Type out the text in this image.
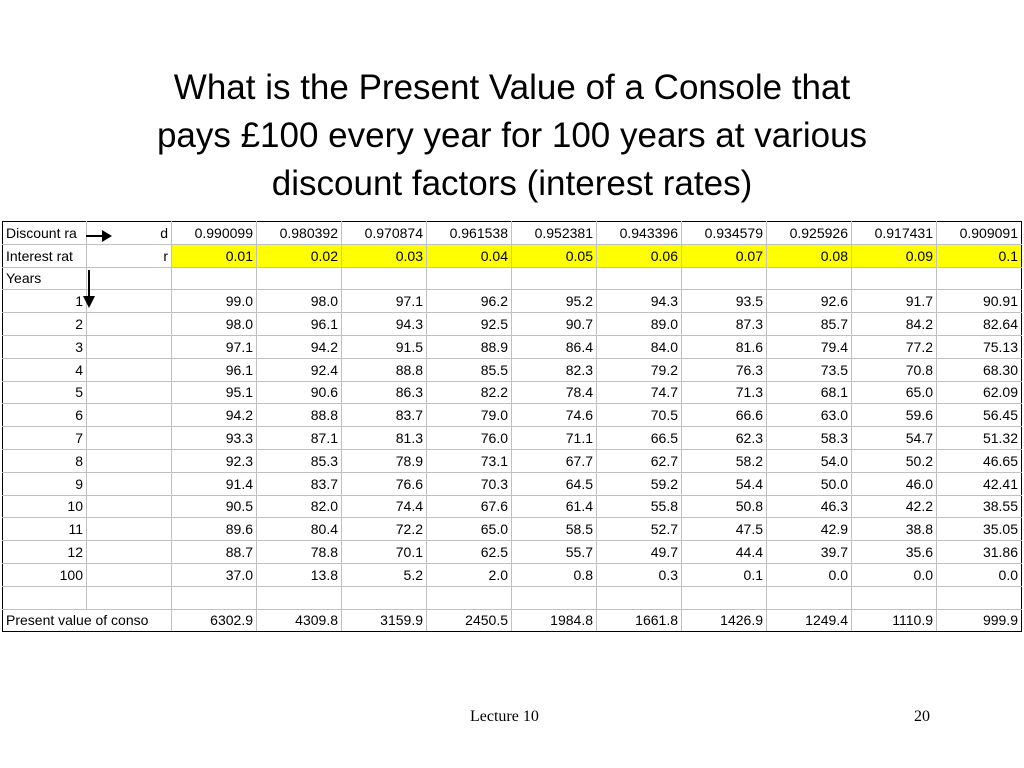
What is the Present Value of a Console that
pays £100 every year for 100 years at various
discount factors (interest rates)
Discount ra	d	0.990099	0.980392	0.970874	0.961538	0.952381	0.943396	0.934579	0.925926	0.917431	0.909091
Interest rat	r	0.01	0.02	0.03	0.04	0.05	0.06	0.07	0.08	0.09	0.1
Years											
1		99.0	98.0	97.1	96.2	95.2	94.3	93.5	92.6	91.7	90.91
2		98.0	96.1	94.3	92.5	90.7	89.0	87.3	85.7	84.2	82.64
3		97.1	94.2	91.5	88.9	86.4	84.0	81.6	79.4	77.2	75.13
4		96.1	92.4	88.8	85.5	82.3	79.2	76.3	73.5	70.8	68.30
5		95.1	90.6	86.3	82.2	78.4	74.7	71.3	68.1	65.0	62.09
6		94.2	88.8	83.7	79.0	74.6	70.5	66.6	63.0	59.6	56.45
7		93.3	87.1	81.3	76.0	71.1	66.5	62.3	58.3	54.7	51.32
8		92.3	85.3	78.9	73.1	67.7	62.7	58.2	54.0	50.2	46.65
9		91.4	83.7	76.6	70.3	64.5	59.2	54.4	50.0	46.0	42.41
10		90.5	82.0	74.4	67.6	61.4	55.8	50.8	46.3	42.2	38.55
11		89.6	80.4	72.2	65.0	58.5	52.7	47.5	42.9	38.8	35.05
12		88.7	78.8	70.1	62.5	55.7	49.7	44.4	39.7	35.6	31.86
100		37.0	13.8	5.2	2.0	0.8	0.3	0.1	0.0	0.0	0.0

Present value of conso		6302.9	4309.8	3159.9	2450.5	1984.8	1661.8	1426.9	1249.4	1110.9	999.9
Lecture 10	20
